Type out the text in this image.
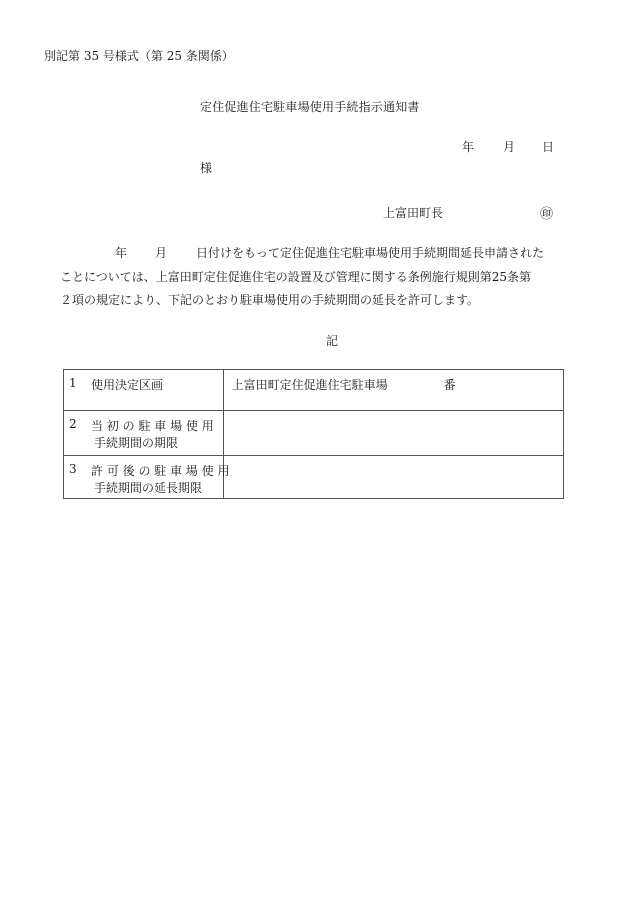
別記第 35 号様式（第 25 条関係）
定住促進住宅駐車場使用手続指示通知書
年 月 日
様
上富田町長	㊞
年 月 日付けをもって定住促進住宅駐車場使用手続期間延長申請された
ことについては、上富田町定住促進住宅の設置及び管理に関する条例施行規則第25条第
２項の規定により、下記のとおり駐車場使用の手続期間の延長を許可します。
記
1 使用決定区画	上富田町定住促進住宅駐車場 番

2 当 初 の 駐 車 場 使 用
手続期間の期限	

3 許 可 後 の 駐 車 場 使 用
手続期間の延長期限	
